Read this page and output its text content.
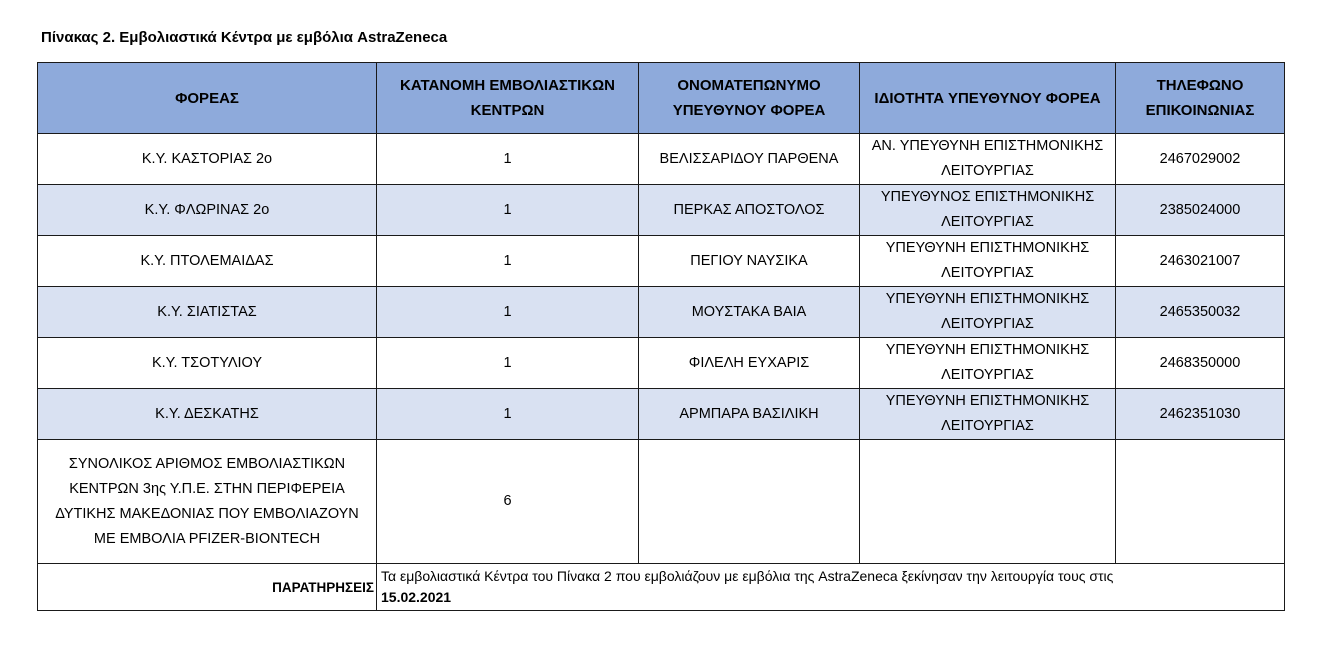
Πίνακας 2. Εμβολιαστικά Κέντρα με εμβόλια AstraZeneca
ΦΟΡΕΑΣ	ΚΑΤΑΝΟΜΗ ΕΜΒΟΛΙΑΣΤΙΚΩΝ ΚΕΝΤΡΩΝ	ΟΝΟΜΑΤΕΠΩΝΥΜΟ ΥΠΕΥΘΥΝΟΥ ΦΟΡΕΑ	ΙΔΙΟΤΗΤΑ ΥΠΕΥΘΥΝΟΥ ΦΟΡΕΑ	ΤΗΛΕΦΩΝΟ ΕΠΙΚΟΙΝΩΝΙΑΣ
Κ.Υ. ΚΑΣΤΟΡΙΑΣ 2ο	1	ΒΕΛΙΣΣΑΡΙΔΟΥ ΠΑΡΘΕΝΑ	ΑΝ. ΥΠΕΥΘΥΝΗ ΕΠΙΣΤΗΜΟΝΙΚΗΣ ΛΕΙΤΟΥΡΓΙΑΣ	2467029002
Κ.Υ. ΦΛΩΡΙΝΑΣ 2ο	1	ΠΕΡΚΑΣ ΑΠΟΣΤΟΛΟΣ	ΥΠΕΥΘΥΝΟΣ ΕΠΙΣΤΗΜΟΝΙΚΗΣ ΛΕΙΤΟΥΡΓΙΑΣ	2385024000
Κ.Υ. ΠΤΟΛΕΜΑΙΔΑΣ	1	ΠΕΓΙΟΥ ΝΑΥΣΙΚΑ	ΥΠΕΥΘΥΝΗ ΕΠΙΣΤΗΜΟΝΙΚΗΣ ΛΕΙΤΟΥΡΓΙΑΣ	2463021007
Κ.Υ. ΣΙΑΤΙΣΤΑΣ	1	ΜΟΥΣΤΑΚΑ ΒΑΙΑ	ΥΠΕΥΘΥΝΗ ΕΠΙΣΤΗΜΟΝΙΚΗΣ ΛΕΙΤΟΥΡΓΙΑΣ	2465350032
Κ.Υ. ΤΣΟΤΥΛΙΟΥ	1	ΦΙΛΕΛΗ ΕΥΧΑΡΙΣ	ΥΠΕΥΘΥΝΗ ΕΠΙΣΤΗΜΟΝΙΚΗΣ ΛΕΙΤΟΥΡΓΙΑΣ	2468350000
Κ.Υ. ΔΕΣΚΑΤΗΣ	1	ΑΡΜΠΑΡΑ ΒΑΣΙΛΙΚΗ	ΥΠΕΥΘΥΝΗ ΕΠΙΣΤΗΜΟΝΙΚΗΣ ΛΕΙΤΟΥΡΓΙΑΣ	2462351030
ΣΥΝΟΛΙΚΟΣ ΑΡΙΘΜΟΣ ΕΜΒΟΛΙΑΣΤΙΚΩΝ ΚΕΝΤΡΩΝ 3ης Υ.Π.Ε. ΣΤΗΝ ΠΕΡΙΦΕΡΕΙΑ ΔΥΤΙΚΗΣ ΜΑΚΕΔΟΝΙΑΣ ΠΟΥ ΕΜΒΟΛΙΑΖΟΥΝ ΜΕ ΕΜΒΟΛΙΑ PFIZER-BIONTECH	6			
ΠΑΡΑΤΗΡΗΣΕΙΣ	Τα εμβολιαστικά Κέντρα του Πίνακα 2 που εμβολιάζουν με εμβόλια της AstraZeneca ξεκίνησαν την λειτουργία τους στις
15.02.2021			
